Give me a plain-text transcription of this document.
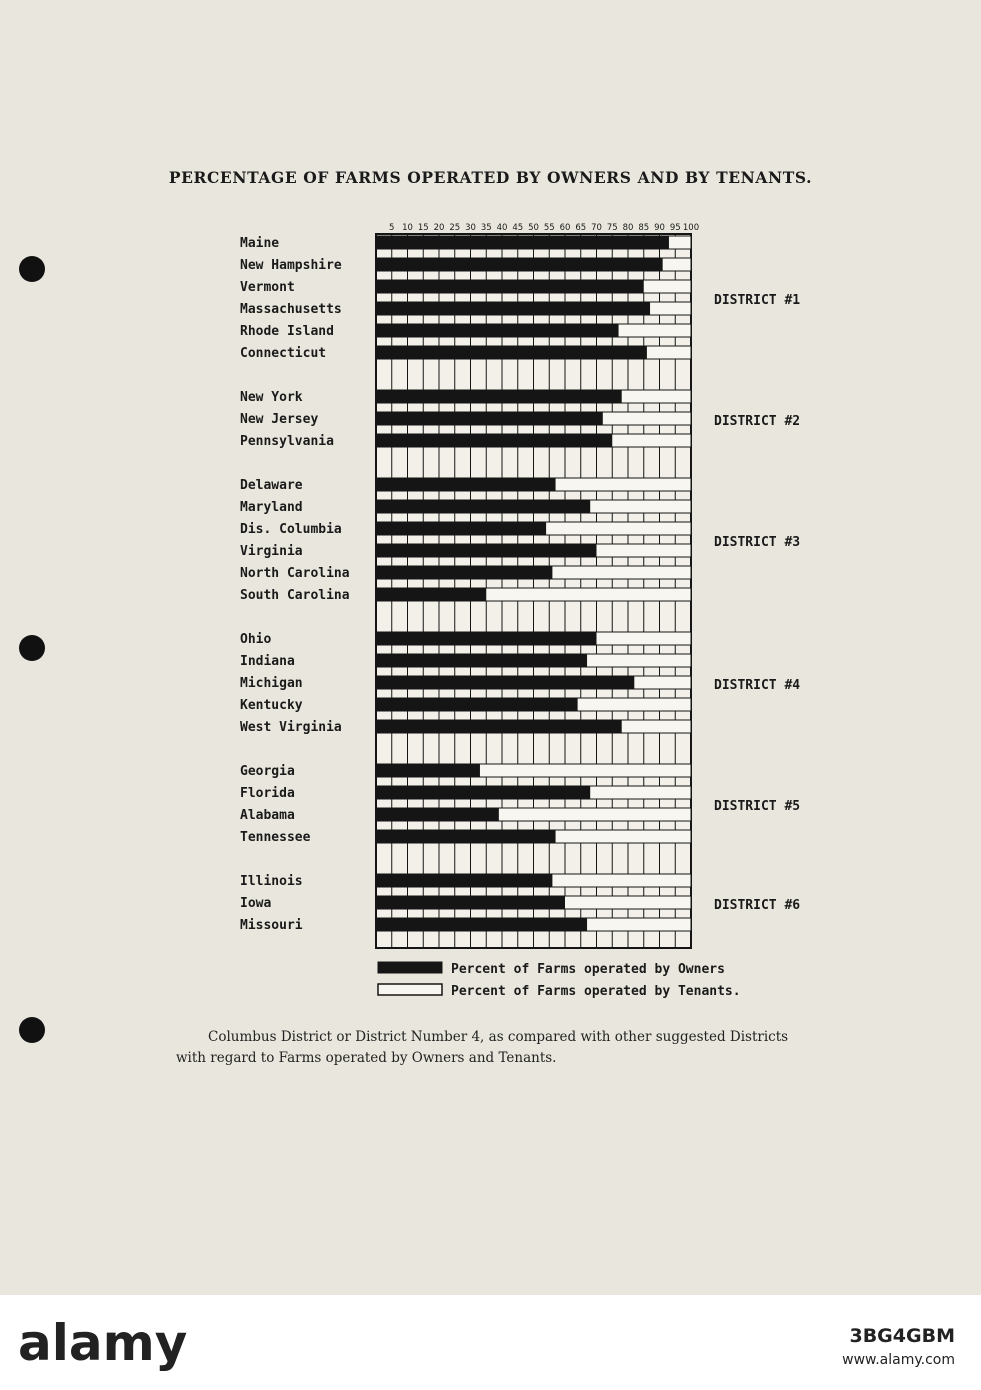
PERCENTAGE OF FARMS OPERATED BY OWNERS AND BY TENANTS.
5 10 15 20 25 30 35 40 45 50 55 60 65 70 75 80 85 90 95 100
Maine
New Hampshire
Vermont
Massachusetts
Rhode Island
Connecticut
New York
New Jersey
Pennsylvania
Delaware
Maryland
Dis. Columbia
Virginia
North Carolina
South Carolina
Ohio
Indiana
Michigan
Kentucky
West Virginia
Georgia
Florida
Alabama
Tennessee
Illinois
Iowa
Missouri
DISTRICT #1
DISTRICT #2
DISTRICT #3
DISTRICT #4
DISTRICT #5
DISTRICT #6
Percent of Farms operated by Owners
Percent of Farms operated by Tenants.
Columbus District or District Number 4, as compared with other suggested Districts
with regard to Farms operated by Owners and Tenants.
alamy	3BG4GBM
www.alamy.com
